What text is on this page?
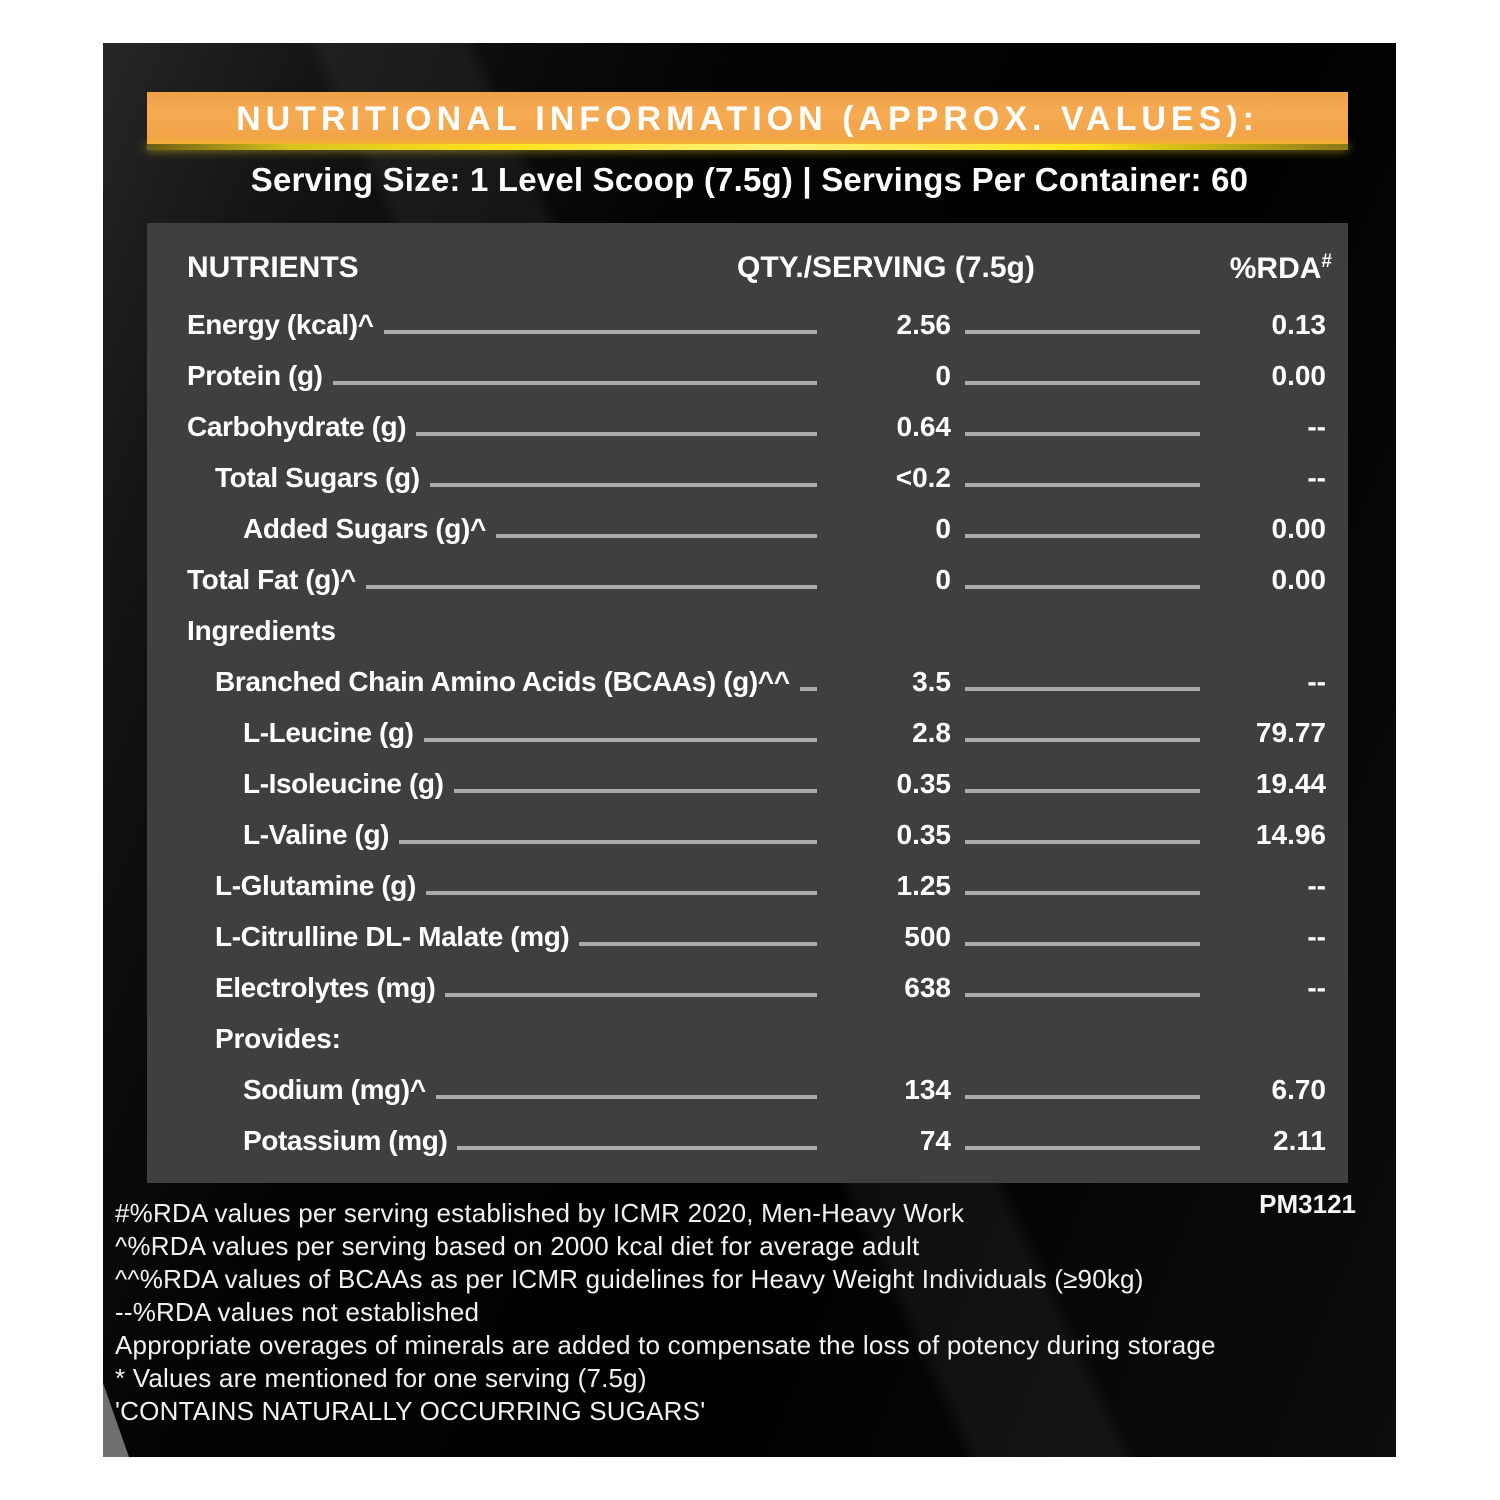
NUTRITIONAL INFORMATION (APPROX. VALUES):
Serving Size: 1 Level Scoop (7.5g) | Servings Per Container: 60
NUTRIENTS	QTY./SERVING (7.5g)	%RDA#
Energy (kcal)^	2.56	0.13
Protein (g)	0	0.00
Carbohydrate (g)	0.64	--
Total Sugars (g)	<0.2	--
Added Sugars (g)^	0	0.00
Total Fat (g)^	0	0.00
Ingredients
Branched Chain Amino Acids (BCAAs) (g)^^	3.5	--
L-Leucine (g)	2.8	79.77
L-Isoleucine (g)	0.35	19.44
L-Valine (g)	0.35	14.96
L-Glutamine (g)	1.25	--
L-Citrulline DL- Malate (mg)	500	--
Electrolytes (mg)	638	--
Provides:
Sodium (mg)^	134	6.70
Potassium (mg)	74	2.11
PM3121
#%RDA values per serving established by ICMR 2020, Men-Heavy Work
^%RDA values per serving based on 2000 kcal diet for average adult
^^%RDA values of BCAAs as per ICMR guidelines for Heavy Weight Individuals (≥90kg)
--%RDA values not established
Appropriate overages of minerals are added to compensate the loss of potency during storage
* Values are mentioned for one serving (7.5g)
'CONTAINS NATURALLY OCCURRING SUGARS'
